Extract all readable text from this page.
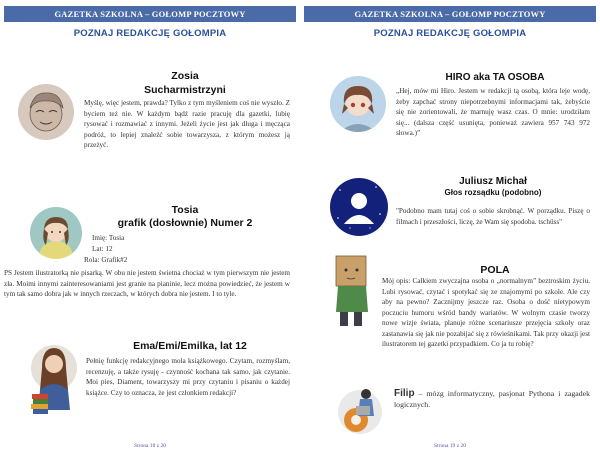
GAZETKA SZKOLNA – GOŁOMP POCZTOWY
POZNAJ REDAKCJĘ GOŁOMPIA
Zosia
Sucharmistrzyni
Myślę, więc jestem, prawda? Tylko z tym myśleniem coś nie wyszło. Z byciem też nie. W każdym bądź razie pracuję dla gazetki, lubię rysować i rozmawiać z innymi. Jeżeli życie jest jak długa i męcząca podróż, to lepiej znaleźć sobie towarzysza, z którym możesz ją przeżyć.
Tosia
grafik (dosłownie) Numer 2
Imię: Tosia
Lat: 12
Rola: Grafik#2
PS Jestem ilustratorką nie pisarką. W obu nie jestem świetna chociaż w tym pierwszym nie jestem zła. Moimi innymi zainteresowaniami jest granie na pianinie, lecz można powiedzieć, że jestem w tym tak samo dobra jak w innych rzeczach, w których dobra nie jestem. I to tyle.
Ema/Emi/Emilka, lat 12
Pełnię funkcję redakcyjnego mola książkowego. Czytam, rozmyślam, recenzuję, a także rysuję - czynność kochana tak samo, jak czytanie. Moi pies, Diament, towarzyszy mi przy czytaniu i pisaniu o każdej książce. Czy to oznacza, że jest członkiem redakcji?
Strona 18 z 20
GAZETKA SZKOLNA – GOŁOMP POCZTOWY
POZNAJ REDAKCJĘ GOŁOMPIA
HIRO aka TA OSOBA
„Hej, mów mi Hiro. Jestem w redakcji tą osobą, która leje wodę, żeby zapchać strony niepotrzebnymi informacjami tak, żebyście się nie zorientowali, że marnuję wasz czas. O mnie: urodziłam się... (dalsza część usunięta, ponieważ zawiera 957 743 972 słowa.)”
Juliusz Michał
Głos rozsądku (podobno)
"Podobno mam tutaj coś o sobie skrobnąć. W porządku. Piszę o filmach i przeszłości, liczę, że Wam się spodoba. tschüss"
POLA
Mój opis: Całkiem zwyczajna osoba o „normalnym” beztroskim życiu. Lubi rysować, czytać i spotykać się ze znajomymi po szkole. Ale czy aby na pewno? Zacznijmy jeszcze raz. Osoba o dość nietypowym poczuciu humoru wśród bandy wariatów. W wolnym czasie tworzy nowe wizje świata, planuje różne scenariusze przejęcia szkoły oraz zastanawia się jak nie pozabijać się z rówieśnikami. Tak przy okazji jest ilustratorem tej gazetki przypadkiem. Co ja tu robię?
Filip – mózg informatyczny, pasjonat Pythona i zagadek logicznych.
Strona 19 z 20
